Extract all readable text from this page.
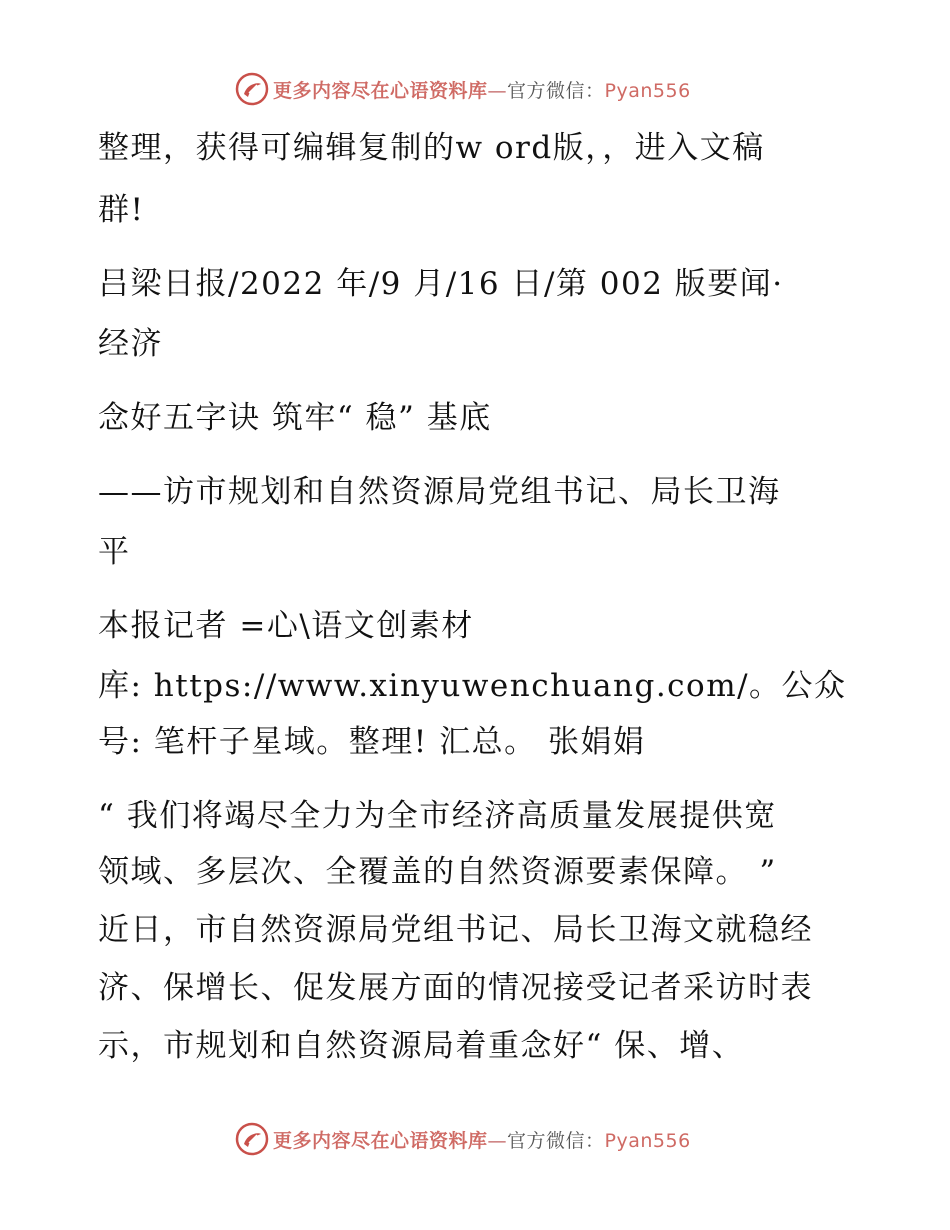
更多内容尽在心语资料库—官方微信：Pyan556

整理，获得可编辑复制的w ord版，，进入文稿

群!

吕梁日报/2022 年/9 月/16 日/第 002 版要闻·

经济

念好五字诀 筑牢“ 稳” 基底

——访市规划和自然资源局党组书记、局长卫海

平

本报记者 =心\语文创素材

库: https://www.xinyuwenchuang.com/。公众

号: 笔杆子星域。整理! 汇总。 张娟娟

“ 我们将竭尽全力为全市经济高质量发展提供宽

领域、多层次、全覆盖的自然资源要素保障。 ”

近日，市自然资源局党组书记、局长卫海文就稳经

济、保增长、促发展方面的情况接受记者采访时表

示，市规划和自然资源局着重念好“ 保、增、

更多内容尽在心语资料库—官方微信：Pyan556
